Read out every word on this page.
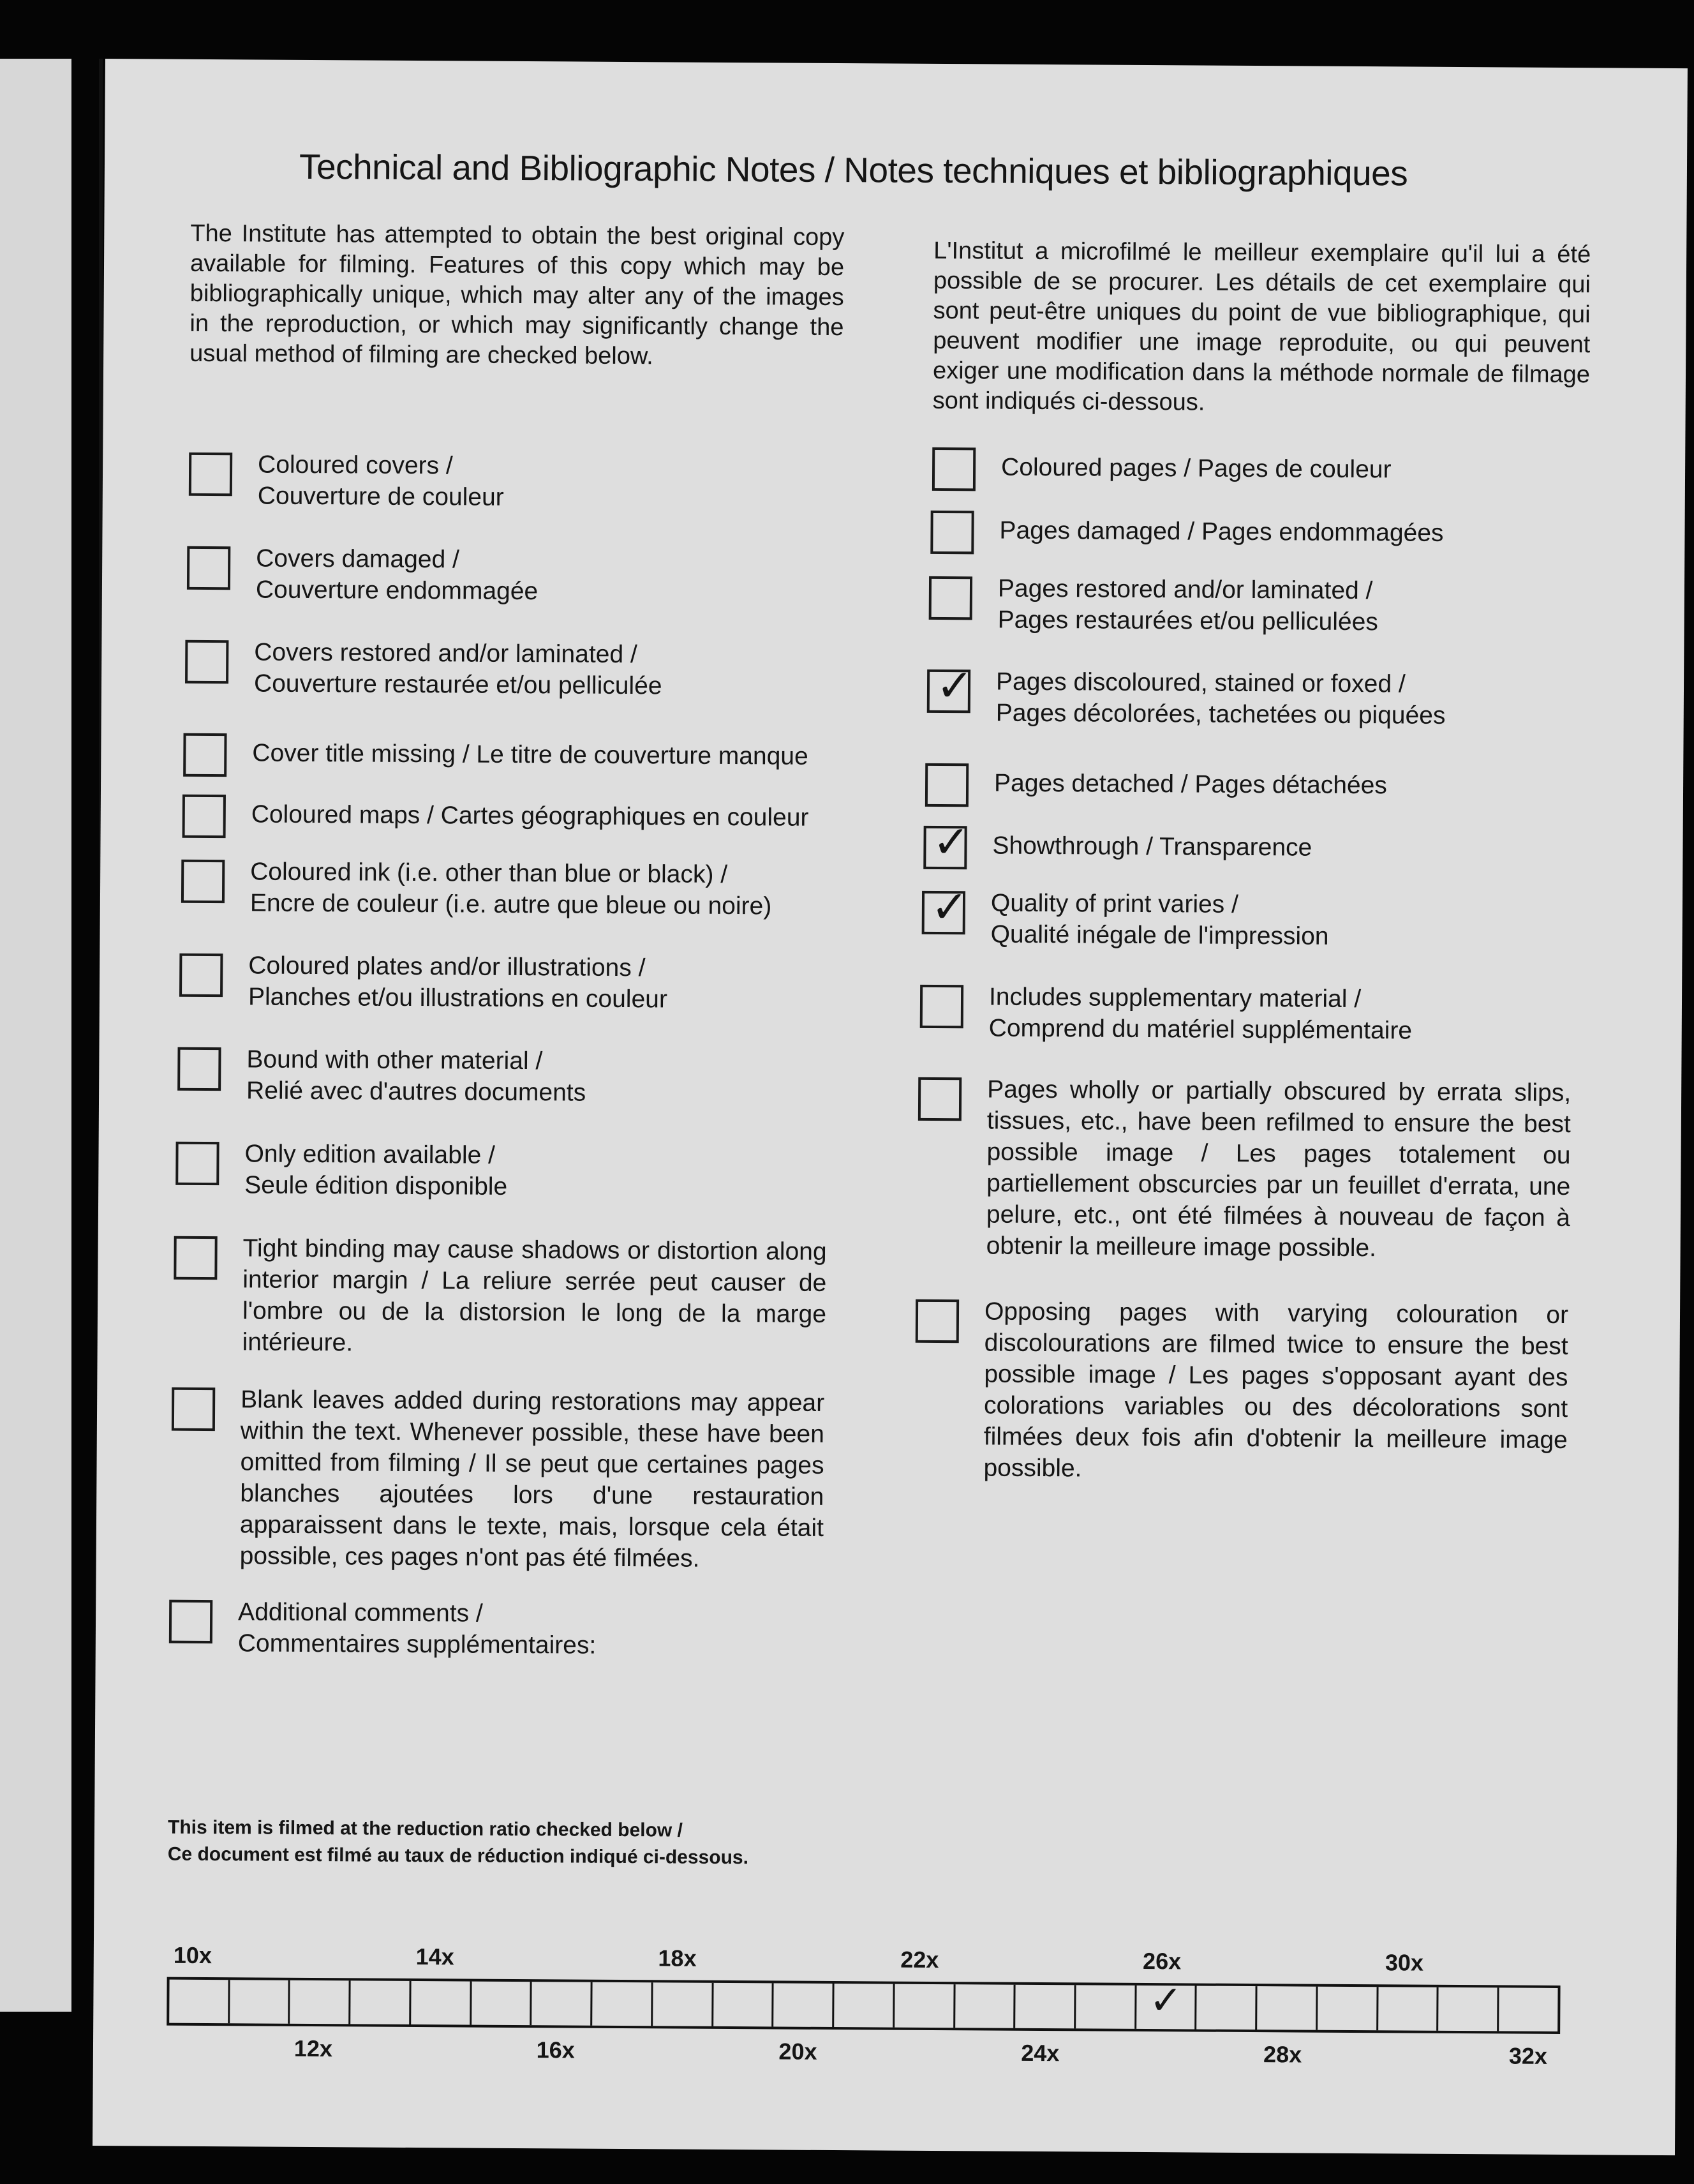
Technical and Bibliographic Notes / Notes techniques et bibliographiques
The Institute has attempted to obtain the best original copy available for filming. Features of this copy which may be bibliographically unique, which may alter any of the images in the reproduction, or which may significantly change the usual method of filming are checked below.
L'Institut a microfilmé le meilleur exemplaire qu'il lui a été possible de se procurer. Les détails de cet exemplaire qui sont peut-être uniques du point de vue bibliographique, qui peuvent modifier une image reproduite, ou qui peuvent exiger une modification dans la méthode normale de filmage sont indiqués ci-dessous.
Coloured covers /
Couverture de couleur
Covers damaged /
Couverture endommagée
Covers restored and/or laminated /
Couverture restaurée et/ou pelliculée
Cover title missing / Le titre de couverture manque
Coloured maps / Cartes géographiques en couleur
Coloured ink (i.e. other than blue or black) /
Encre de couleur (i.e. autre que bleue ou noire)
Coloured plates and/or illustrations /
Planches et/ou illustrations en couleur
Bound with other material /
Relié avec d'autres documents
Only edition available /
Seule édition disponible
Tight binding may cause shadows or distortion along interior margin / La reliure serrée peut causer de l'ombre ou de la distorsion le long de la marge intérieure.
Blank leaves added during restorations may appear within the text. Whenever possible, these have been omitted from filming / Il se peut que certaines pages blanches ajoutées lors d'une restauration apparaissent dans le texte, mais, lorsque cela était possible, ces pages n'ont pas été filmées.
Additional comments /
Commentaires supplémentaires:
Coloured pages / Pages de couleur
Pages damaged / Pages endommagées
Pages restored and/or laminated /
Pages restaurées et/ou pelliculées
✓ Pages discoloured, stained or foxed /
Pages décolorées, tachetées ou piquées
Pages detached / Pages détachées
✓ Showthrough / Transparence
✓ Quality of print varies /
Qualité inégale de l'impression
Includes supplementary material /
Comprend du matériel supplémentaire
Pages wholly or partially obscured by errata slips, tissues, etc., have been refilmed to ensure the best possible image / Les pages totalement ou partiellement obscurcies par un feuillet d'errata, une pelure, etc., ont été filmées à nouveau de façon à obtenir la meilleure image possible.
Opposing pages with varying colouration or discolourations are filmed twice to ensure the best possible image / Les pages s'opposant ayant des colorations variables ou des décolorations sont filmées deux fois afin d'obtenir la meilleure image possible.
This item is filmed at the reduction ratio checked below /
Ce document est filmé au taux de réduction indiqué ci-dessous.
✓
10x	14x	18x	22x	26x	30x
12x	16x	20x	24x	28x	32x
